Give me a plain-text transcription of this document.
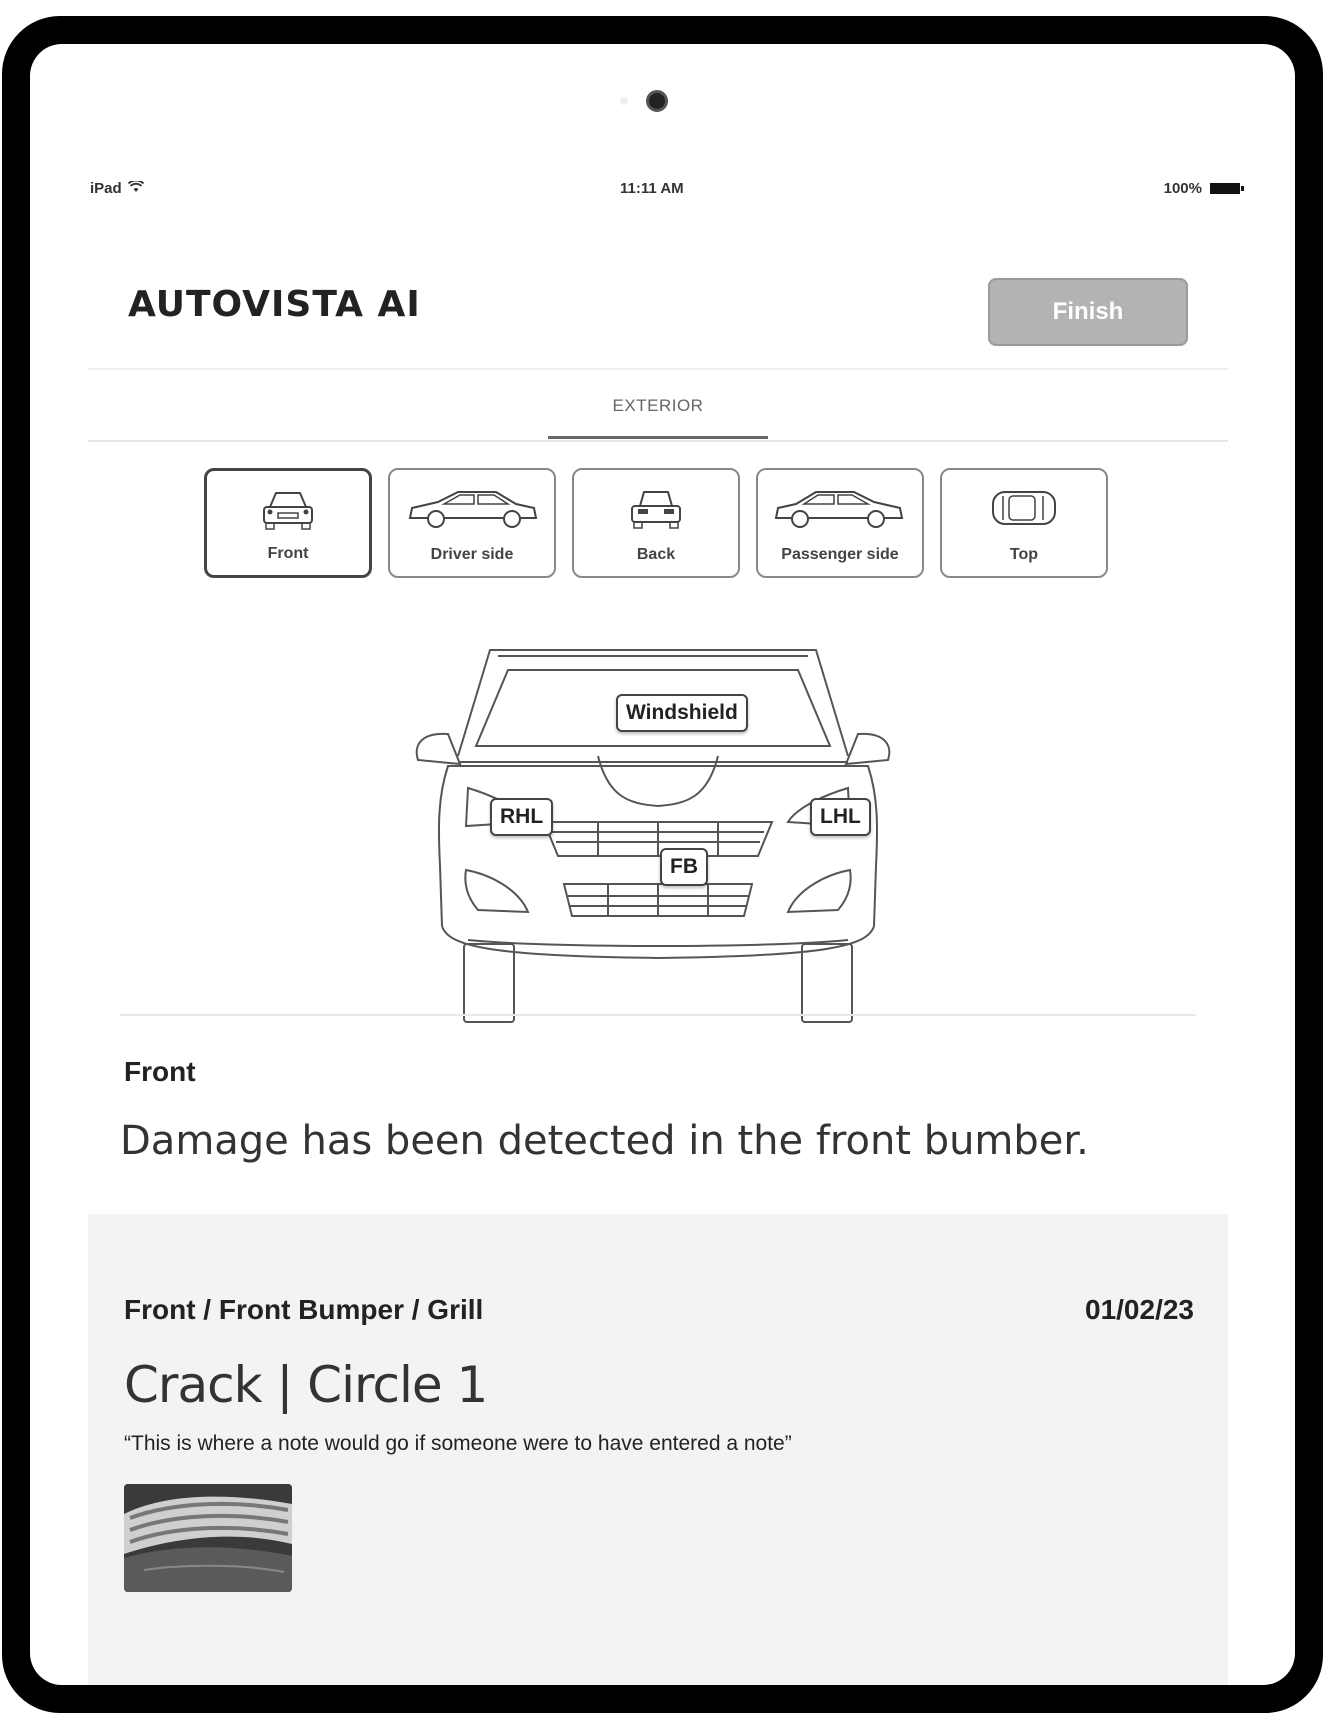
iPad	11:11 AM	100%
AUTOVISTA AI	Finish
EXTERIOR
Front	Driver side	Back	Passenger side	Top
Windshield
RHL	LHL
FB
Front
Damage has been detected in the front bumber.
Front / Front Bumper / Grill	01/02/23
Crack | Circle 1
“This is where a note would go if someone were to have entered a note”
